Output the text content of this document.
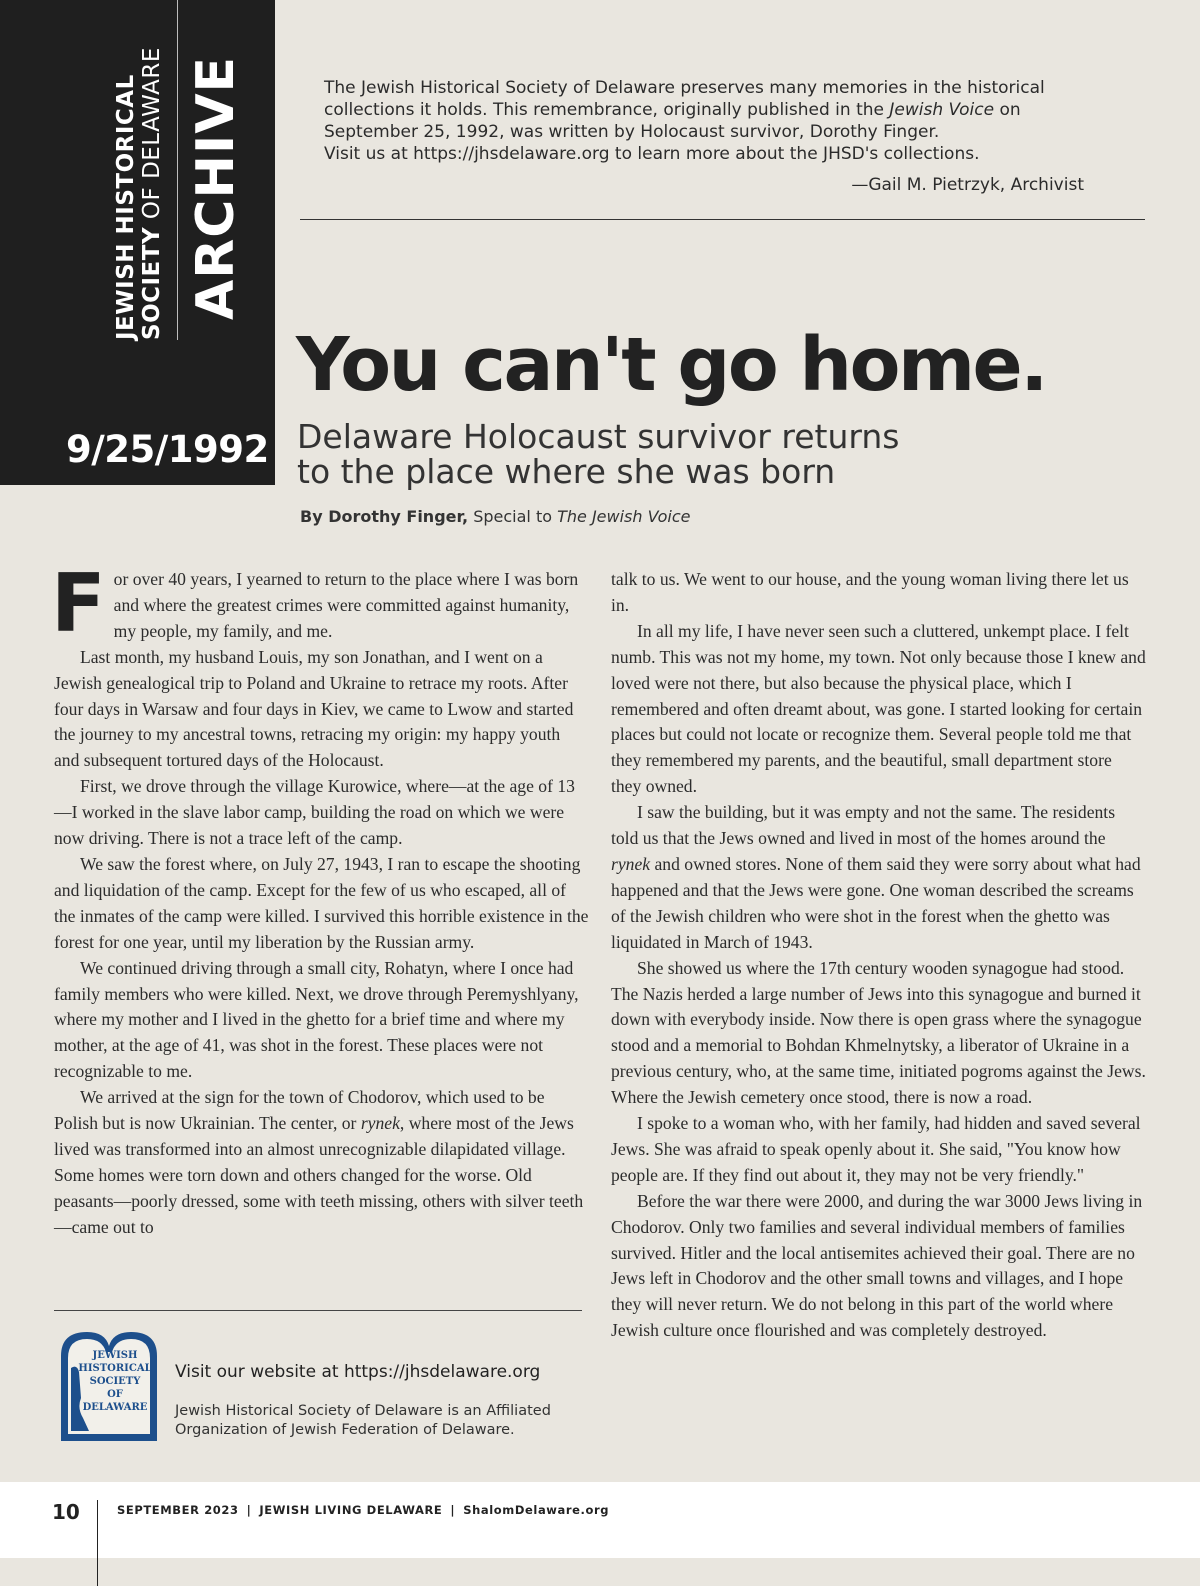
JEWISH HISTORICAL SOCIETY OF DELAWARE ARCHIVE
9/25/1992

The Jewish Historical Society of Delaware preserves many memories in the historical collections it holds. This remembrance, originally published in the Jewish Voice on September 25, 1992, was written by Holocaust survivor, Dorothy Finger.

Visit us at https://jhsdelaware.org to learn more about the JHSD's collections.

—Gail M. Pietrzyk, Archivist
You can't go home.
Delaware Holocaust survivor returns
to the place where she was born
By Dorothy Finger, Special to The Jewish Voice

For over 40 years, I yearned to return to the place where I was born and where the greatest crimes were committed against humanity, my people, my family, and me.

Last month, my husband Louis, my son Jonathan, and I went on a Jewish genealogical trip to Poland and Ukraine to retrace my roots. After four days in Warsaw and four days in Kiev, we came to Lwow and started the journey to my ancestral towns, retracing my origin: my happy youth and subsequent tortured days of the Holocaust.

First, we drove through the village Kurowice, where—at the age of 13—I worked in the slave labor camp, building the road on which we were now driving. There is not a trace left of the camp.

We saw the forest where, on July 27, 1943, I ran to escape the shooting and liquidation of the camp. Except for the few of us who escaped, all of the inmates of the camp were killed. I survived this horrible existence in the forest for one year, until my liberation by the Russian army.

We continued driving through a small city, Rohatyn, where I once had family members who were killed. Next, we drove through Peremyshlyany, where my mother and I lived in the ghetto for a brief time and where my mother, at the age of 41, was shot in the forest. These places were not recognizable to me.

We arrived at the sign for the town of Chodorov, which used to be Polish but is now Ukrainian. The center, or rynek, where most of the Jews lived was transformed into an almost unrecognizable dilapidated village. Some homes were torn down and others changed for the worse. Old peasants—poorly dressed, some with teeth missing, others with silver teeth—came out to

talk to us. We went to our house, and the young woman living there let us in.

In all my life, I have never seen such a cluttered, unkempt place. I felt numb. This was not my home, my town. Not only because those I knew and loved were not there, but also because the physical place, which I remembered and often dreamt about, was gone. I started looking for certain places but could not locate or recognize them. Several people told me that they remembered my parents, and the beautiful, small department store they owned.

I saw the building, but it was empty and not the same. The residents told us that the Jews owned and lived in most of the homes around the rynek and owned stores. None of them said they were sorry about what had happened and that the Jews were gone. One woman described the screams of the Jewish children who were shot in the forest when the ghetto was liquidated in March of 1943.

She showed us where the 17th century wooden synagogue had stood. The Nazis herded a large number of Jews into this synagogue and burned it down with everybody inside. Now there is open grass where the synagogue stood and a memorial to Bohdan Khmelnytsky, a liberator of Ukraine in a previous century, who, at the same time, initiated pogroms against the Jews. Where the Jewish cemetery once stood, there is now a road.

I spoke to a woman who, with her family, had hidden and saved several Jews. She was afraid to speak openly about it. She said, "You know how people are. If they find out about it, they may not be very friendly."

Before the war there were 2000, and during the war 3000 Jews living in Chodorov. Only two families and several individual members of families survived. Hitler and the local antisemites achieved their goal. There are no Jews left in Chodorov and the other small towns and villages, and I hope they will never return. We do not belong in this part of the world where Jewish culture once flourished and was completely destroyed.

JEWISH
HISTORICAL
SOCIETY
OF
DELAWARE
Visit our website at https://jhsdelaware.org
Jewish Historical Society of Delaware is an Affiliated Organization of Jewish Federation of Delaware.
10	SEPTEMBER 2023 | JEWISH LIVING DELAWARE | ShalomDelaware.org
